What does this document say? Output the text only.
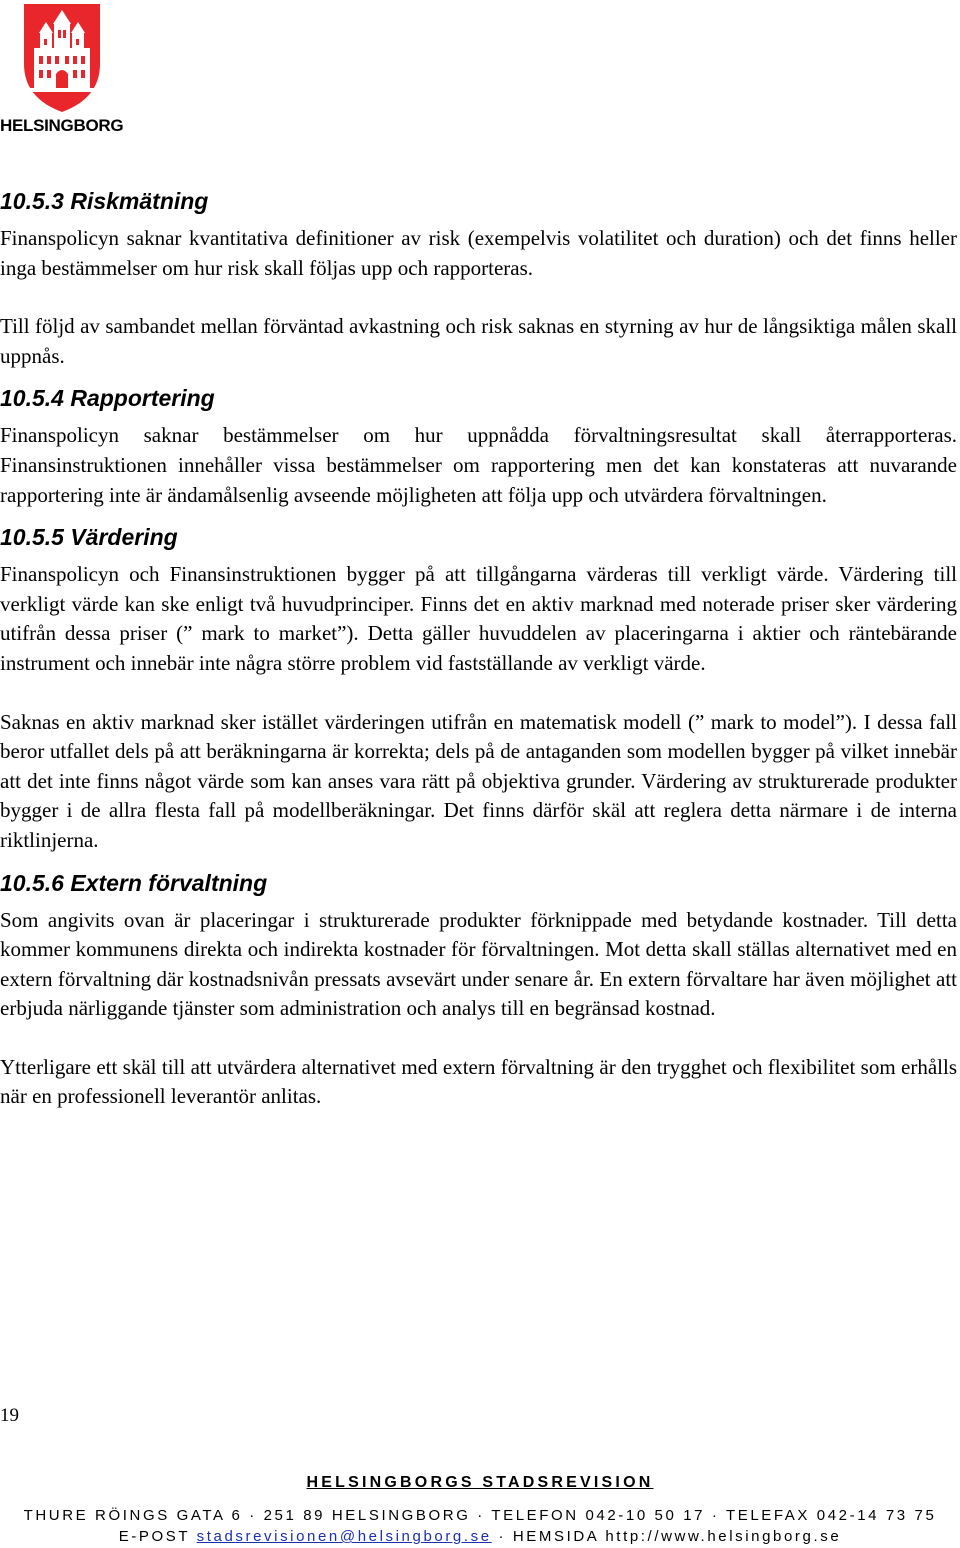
HELSINGBORG
10.5.3 Riskmätning

Finanspolicyn saknar kvantitativa definitioner av risk (exempelvis volatilitet och duration) och det finns heller inga bestämmelser om hur risk skall följas upp och rapporteras.

Till följd av sambandet mellan förväntad avkastning och risk saknas en styrning av hur de långsiktiga målen skall uppnås.

10.5.4 Rapportering

Finanspolicyn saknar bestämmelser om hur uppnådda förvaltningsresultat skall återrapporteras. Finansinstruktionen innehåller vissa bestämmelser om rapportering men det kan konstateras att nuvarande rapportering inte är ändamålsenlig avseende möjligheten att följa upp och utvärdera förvaltningen.

10.5.5 Värdering

Finanspolicyn och Finansinstruktionen bygger på att tillgångarna värderas till verkligt värde. Värdering till verkligt värde kan ske enligt två huvudprinciper. Finns det en aktiv marknad med noterade priser sker värdering utifrån dessa priser (” mark to market”). Detta gäller huvuddelen av placeringarna i aktier och räntebärande instrument och innebär inte några större problem vid fastställande av verkligt värde.

Saknas en aktiv marknad sker istället värderingen utifrån en matematisk modell (” mark to model”). I dessa fall beror utfallet dels på att beräkningarna är korrekta; dels på de antaganden som modellen bygger på vilket innebär att det inte finns något värde som kan anses vara rätt på objektiva grunder. Värdering av strukturerade produkter bygger i de allra flesta fall på modellberäkningar. Det finns därför skäl att reglera detta närmare i de interna riktlinjerna.

10.5.6 Extern förvaltning

Som angivits ovan är placeringar i strukturerade produkter förknippade med betydande kostnader. Till detta kommer kommunens direkta och indirekta kostnader för förvaltningen. Mot detta skall ställas alternativet med en extern förvaltning där kostnadsnivån pressats avsevärt under senare år. En extern förvaltare har även möjlighet att erbjuda närliggande tjänster som administration och analys till en begränsad kostnad.

Ytterligare ett skäl till att utvärdera alternativet med extern förvaltning är den trygghet och flexibilitet som erhålls när en professionell leverantör anlitas.

19
HELSINGBORGS STADSREVISION
THURE RÖINGS GATA 6 · 251 89 HELSINGBORG · TELEFON 042-10 50 17 · TELEFAX 042-14 73 75
E-POST stadsrevisionen@helsingborg.se · HEMSIDA http://www.helsingborg.se
